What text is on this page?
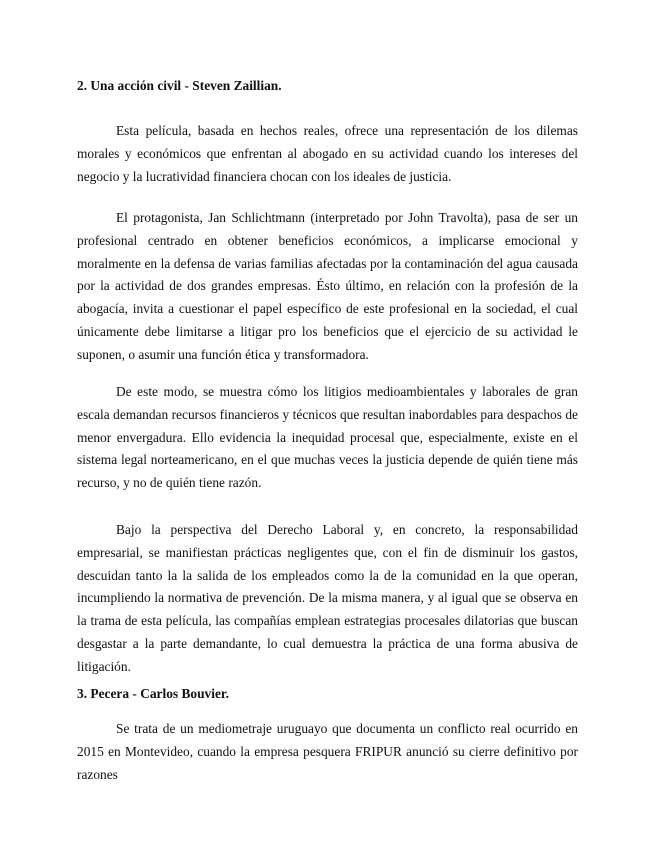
2. Una acción civil - Steven Zaillian.

Esta película, basada en hechos reales, ofrece una representación de los dilemas morales y económicos que enfrentan al abogado en su actividad cuando los intereses del negocio y la lucratividad financiera chocan con los ideales de justicia.

El protagonista, Jan Schlichtmann (interpretado por John Travolta), pasa de ser un profesional centrado en obtener beneficios económicos, a implicarse emocional y moralmente en la defensa de varias familias afectadas por la contaminación del agua causada por la actividad de dos grandes empresas. Ésto último, en relación con la profesión de la abogacía, invita a cuestionar el papel específico de este profesional en la sociedad, el cual únicamente debe limitarse a litigar pro los beneficios que el ejercicio de su actividad le suponen, o asumir una función ética y transformadora.

De este modo, se muestra cómo los litigios medioambientales y laborales de gran escala demandan recursos financieros y técnicos que resultan inabordables para despachos de menor envergadura. Ello evidencia la inequidad procesal que, especialmente, existe en el sistema legal norteamericano, en el que muchas veces la justicia depende de quién tiene más recurso, y no de quién tiene razón.

Bajo la perspectiva del Derecho Laboral y, en concreto, la responsabilidad empresarial, se manifiestan prácticas negligentes que, con el fin de disminuir los gastos, descuidan tanto la la salida de los empleados como la de la comunidad en la que operan, incumpliendo la normativa de prevención. De la misma manera, y al igual que se observa en la trama de esta película, las compañías emplean estrategias procesales dilatorias que buscan desgastar a la parte demandante, lo cual demuestra la práctica de una forma abusiva de litigación.

3. Pecera - Carlos Bouvier.

Se trata de un mediometraje uruguayo que documenta un conflicto real ocurrido en 2015 en Montevideo, cuando la empresa pesquera FRIPUR anunció su cierre definitivo por razones
